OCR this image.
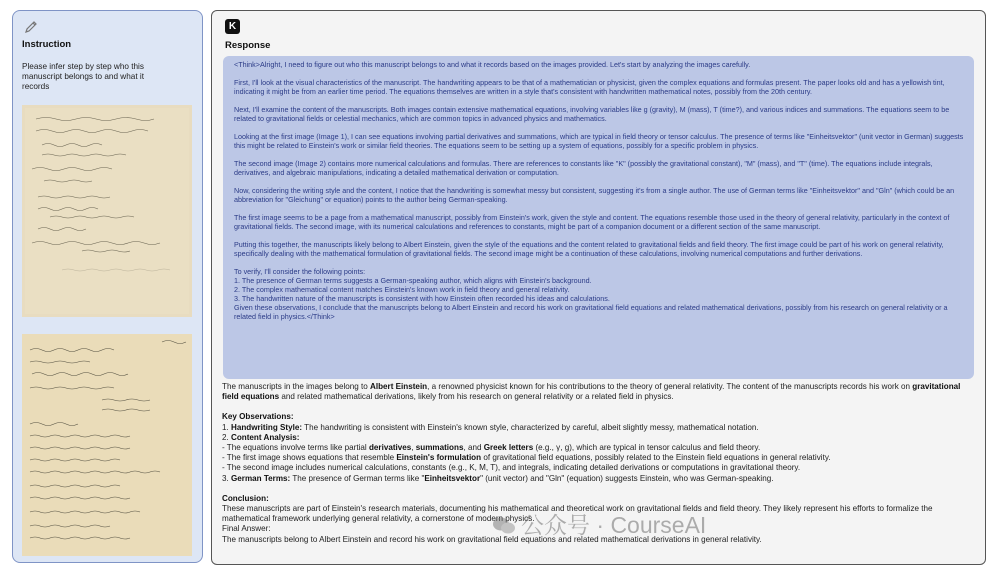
Instruction
Please infer step by step who this manuscript belongs to and what it records
K
Response

<Think>Alright, I need to figure out who this manuscript belongs to and what it records based on the images provided. Let's start by analyzing the images carefully.

First, I'll look at the visual characteristics of the manuscript. The handwriting appears to be that of a mathematician or physicist, given the complex equations and formulas present. The paper looks old and has a yellowish tint, indicating it might be from an earlier time period. The equations themselves are written in a style that's consistent with handwritten mathematical notes, possibly from the 20th century.

Next, I'll examine the content of the manuscripts. Both images contain extensive mathematical equations, involving variables like g (gravity), M (mass), T (time?), and various indices and summations. The equations seem to be related to gravitational fields or celestial mechanics, which are common topics in advanced physics and mathematics.

Looking at the first image (Image 1), I can see equations involving partial derivatives and summations, which are typical in field theory or tensor calculus. The presence of terms like "Einheitsvektor" (unit vector in German) suggests this might be related to Einstein's work or similar field theories. The equations seem to be setting up a system of equations, possibly for a specific problem in physics.

The second image (Image 2) contains more numerical calculations and formulas. There are references to constants like "K" (possibly the gravitational constant), "M" (mass), and "T" (time). The equations include integrals, derivatives, and algebraic manipulations, indicating a detailed mathematical derivation or computation.

Now, considering the writing style and the content, I notice that the handwriting is somewhat messy but consistent, suggesting it's from a single author. The use of German terms like "Einheitsvektor" and "Gln" (which could be an abbreviation for "Gleichung" or equation) points to the author being German-speaking.

The first image seems to be a page from a mathematical manuscript, possibly from Einstein's work, given the style and content. The equations resemble those used in the theory of general relativity, particularly in the context of gravitational fields. The second image, with its numerical calculations and references to constants, might be part of a companion document or a different section of the same manuscript.

Putting this together, the manuscripts likely belong to Albert Einstein, given the style of the equations and the content related to gravitational fields and field theory. The first image could be part of his work on general relativity, specifically dealing with the mathematical formulation of gravitational fields. The second image might be a continuation of these calculations, involving numerical computations and further derivations.

To verify, I'll consider the following points:
1. The presence of German terms suggests a German-speaking author, which aligns with Einstein's background.
2. The complex mathematical content matches Einstein's known work in field theory and general relativity.
3. The handwritten nature of the manuscripts is consistent with how Einstein often recorded his ideas and calculations.
Given these observations, I conclude that the manuscripts belong to Albert Einstein and record his work on gravitational field equations and related mathematical derivations, possibly from his research on general relativity or a related field in physics.</Think>

The manuscripts in the images belong to Albert Einstein, a renowned physicist known for his contributions to the theory of general relativity. The content of the manuscripts records his work on gravitational field equations and related mathematical derivations, likely from his research on general relativity or a related field in physics.

Key Observations:

1. Handwriting Style: The handwriting is consistent with Einstein's known style, characterized by careful, albeit slightly messy, mathematical notation.

2. Content Analysis:

- The equations involve terms like partial derivatives, summations, and Greek letters (e.g., γ, g), which are typical in tensor calculus and field theory.

- The first image shows equations that resemble Einstein's formulation of gravitational field equations, possibly related to the Einstein field equations in general relativity.

- The second image includes numerical calculations, constants (e.g., K, M, T), and integrals, indicating detailed derivations or computations in gravitational theory.

3. German Terms: The presence of German terms like "Einheitsvektor" (unit vector) and "Gln" (equation) suggests Einstein, who was German-speaking.

Conclusion:

These manuscripts are part of Einstein's research materials, documenting his mathematical and theoretical work on gravitational fields and field theory. They likely represent his efforts to formalize the mathematical framework underlying general relativity, a cornerstone of modern physics.

Final Answer:

The manuscripts belong to Albert Einstein and record his work on gravitational field equations and related mathematical derivations in general relativity.

公众号 · CourseAI
